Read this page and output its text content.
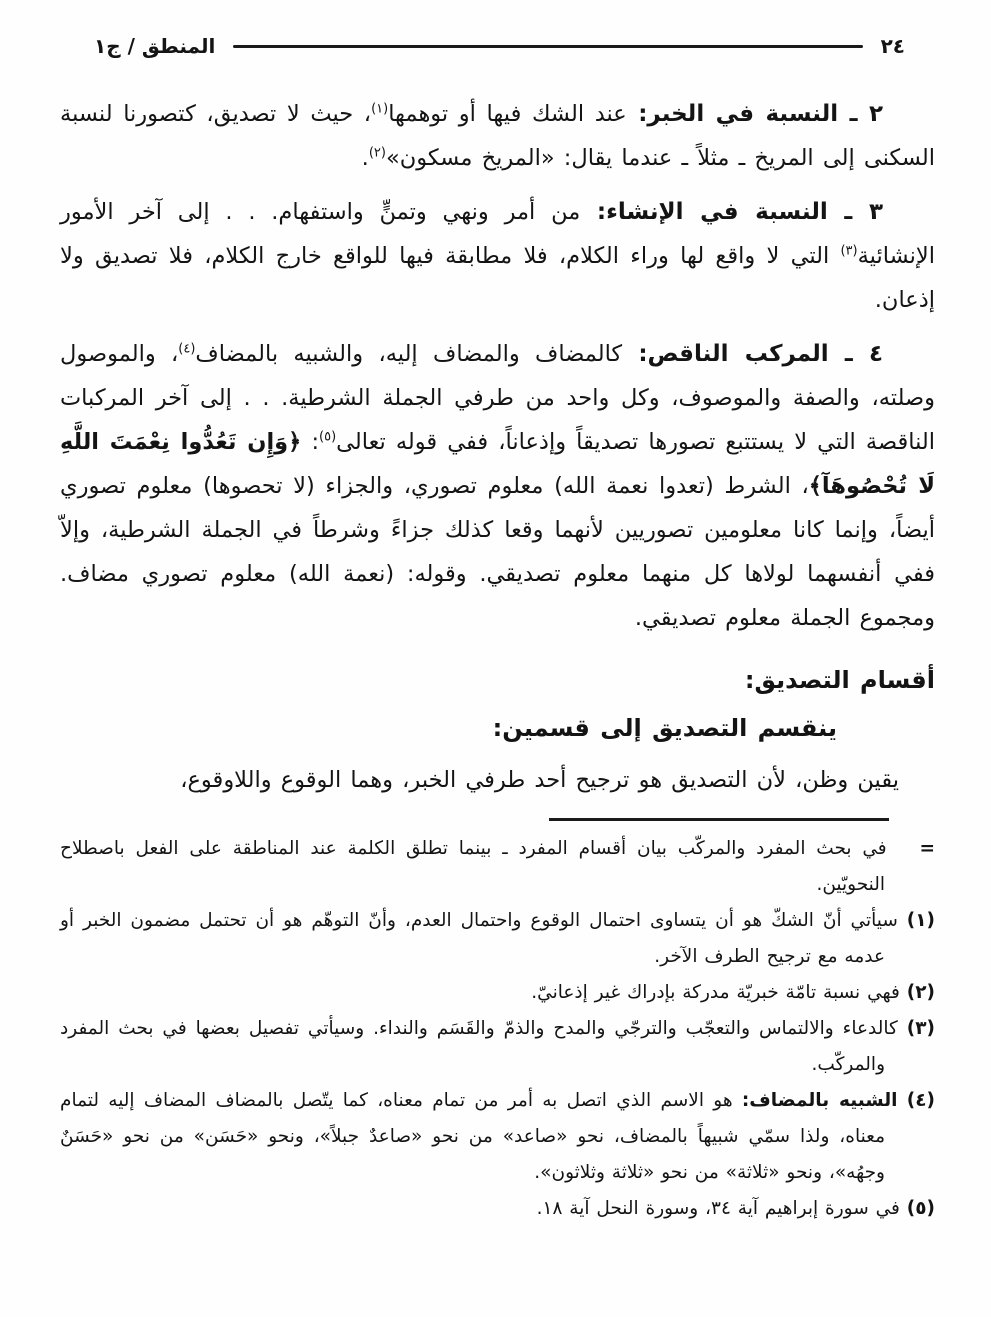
٢٤
المنطق / ج١

٢ ـ النسبة في الخبر: عند الشك فيها أو توهمها$^{(١)}$، حيث لا تصديق، كتصورنا لنسبة السكنى إلى المريخ ـ مثلاً ـ عندما يقال: «المريخ مسكون»$^{(٢)}$.

٣ ـ النسبة في الإنشاء: من أمر ونهي وتمنٍّ واستفهام. . . إلى آخر الأمور الإنشائية$^{(٣)}$ التي لا واقع لها وراء الكلام، فلا مطابقة فيها للواقع خارج الكلام، فلا تصديق ولا إذعان.

٤ ـ المركب الناقص: كالمضاف والمضاف إليه، والشبيه بالمضاف$^{(٤)}$، والموصول وصلته، والصفة والموصوف، وكل واحد من طرفي الجملة الشرطية. . . إلى آخر المركبات الناقصة التي لا يستتبع تصورها تصديقاً وإذعاناً، ففي قوله تعالى$^{(٥)}$: ﴿وَإِن تَعُدُّوا نِعْمَتَ اللَّهِ لَا تُحْصُوهَآ﴾، الشرط (تعدوا نعمة الله) معلوم تصوري، والجزاء (لا تحصوها) معلوم تصوري أيضاً، وإنما كانا معلومين تصوريين لأنهما وقعا كذلك جزاءً وشرطاً في الجملة الشرطية، وإلاّ ففي أنفسهما لولاها كل منهما معلوم تصديقي. وقوله: (نعمة الله) معلوم تصوري مضاف. ومجموع الجملة معلوم تصديقي.

أقسام التصديق:

ينقسم التصديق إلى قسمين:

يقين وظن، لأن التصديق هو ترجيح أحد طرفي الخبر، وهما الوقوع واللاوقوع،

= في بحث المفرد والمركّب بيان أقسام المفرد ـ بينما تطلق الكلمة عند المناطقة على الفعل باصطلاح النحويّين.

(١) سيأتي أنّ الشكّ هو أن يتساوى احتمال الوقوع واحتمال العدم، وأنّ التوهّم هو أن تحتمل مضمون الخبر أو عدمه مع ترجيح الطرف الآخر.

(٢) فهي نسبة تامّة خبريّة مدركة بإدراك غير إذعانيّ.

(٣) كالدعاء والالتماس والتعجّب والترجّي والمدح والذمّ والقَسَم والنداء. وسيأتي تفصيل بعضها في بحث المفرد والمركّب.

(٤) الشبيه بالمضاف: هو الاسم الذي اتصل به أمر من تمام معناه، كما يتّصل بالمضاف المضاف إليه لتمام معناه، ولذا سمّي شبيهاً بالمضاف، نحو «صاعد» من نحو «صاعدٌ جبلاً»، ونحو «حَسَن» من نحو «حَسَنٌ وجهُه»، ونحو «ثلاثة» من نحو «ثلاثة وثلاثون».

(٥) في سورة إبراهيم آية ٣٤، وسورة النحل آية ١٨.
